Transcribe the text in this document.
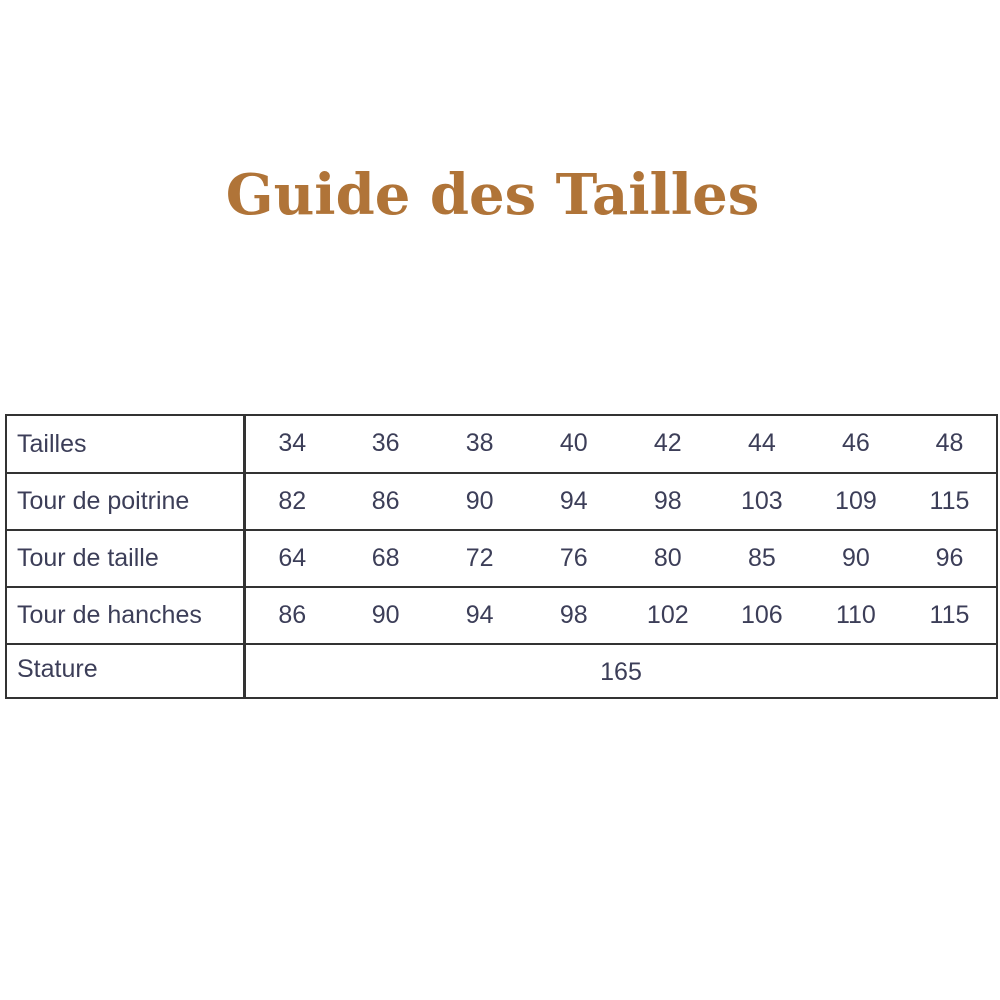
Guide des Tailles
Tailles	34	36	38	40	42	44	46	48
Tour de poitrine	82	86	90	94	98	103	109	115
Tour de taille	64	68	72	76	80	85	90	96
Tour de hanches	86	90	94	98	102	106	110	115
Stature	165							
